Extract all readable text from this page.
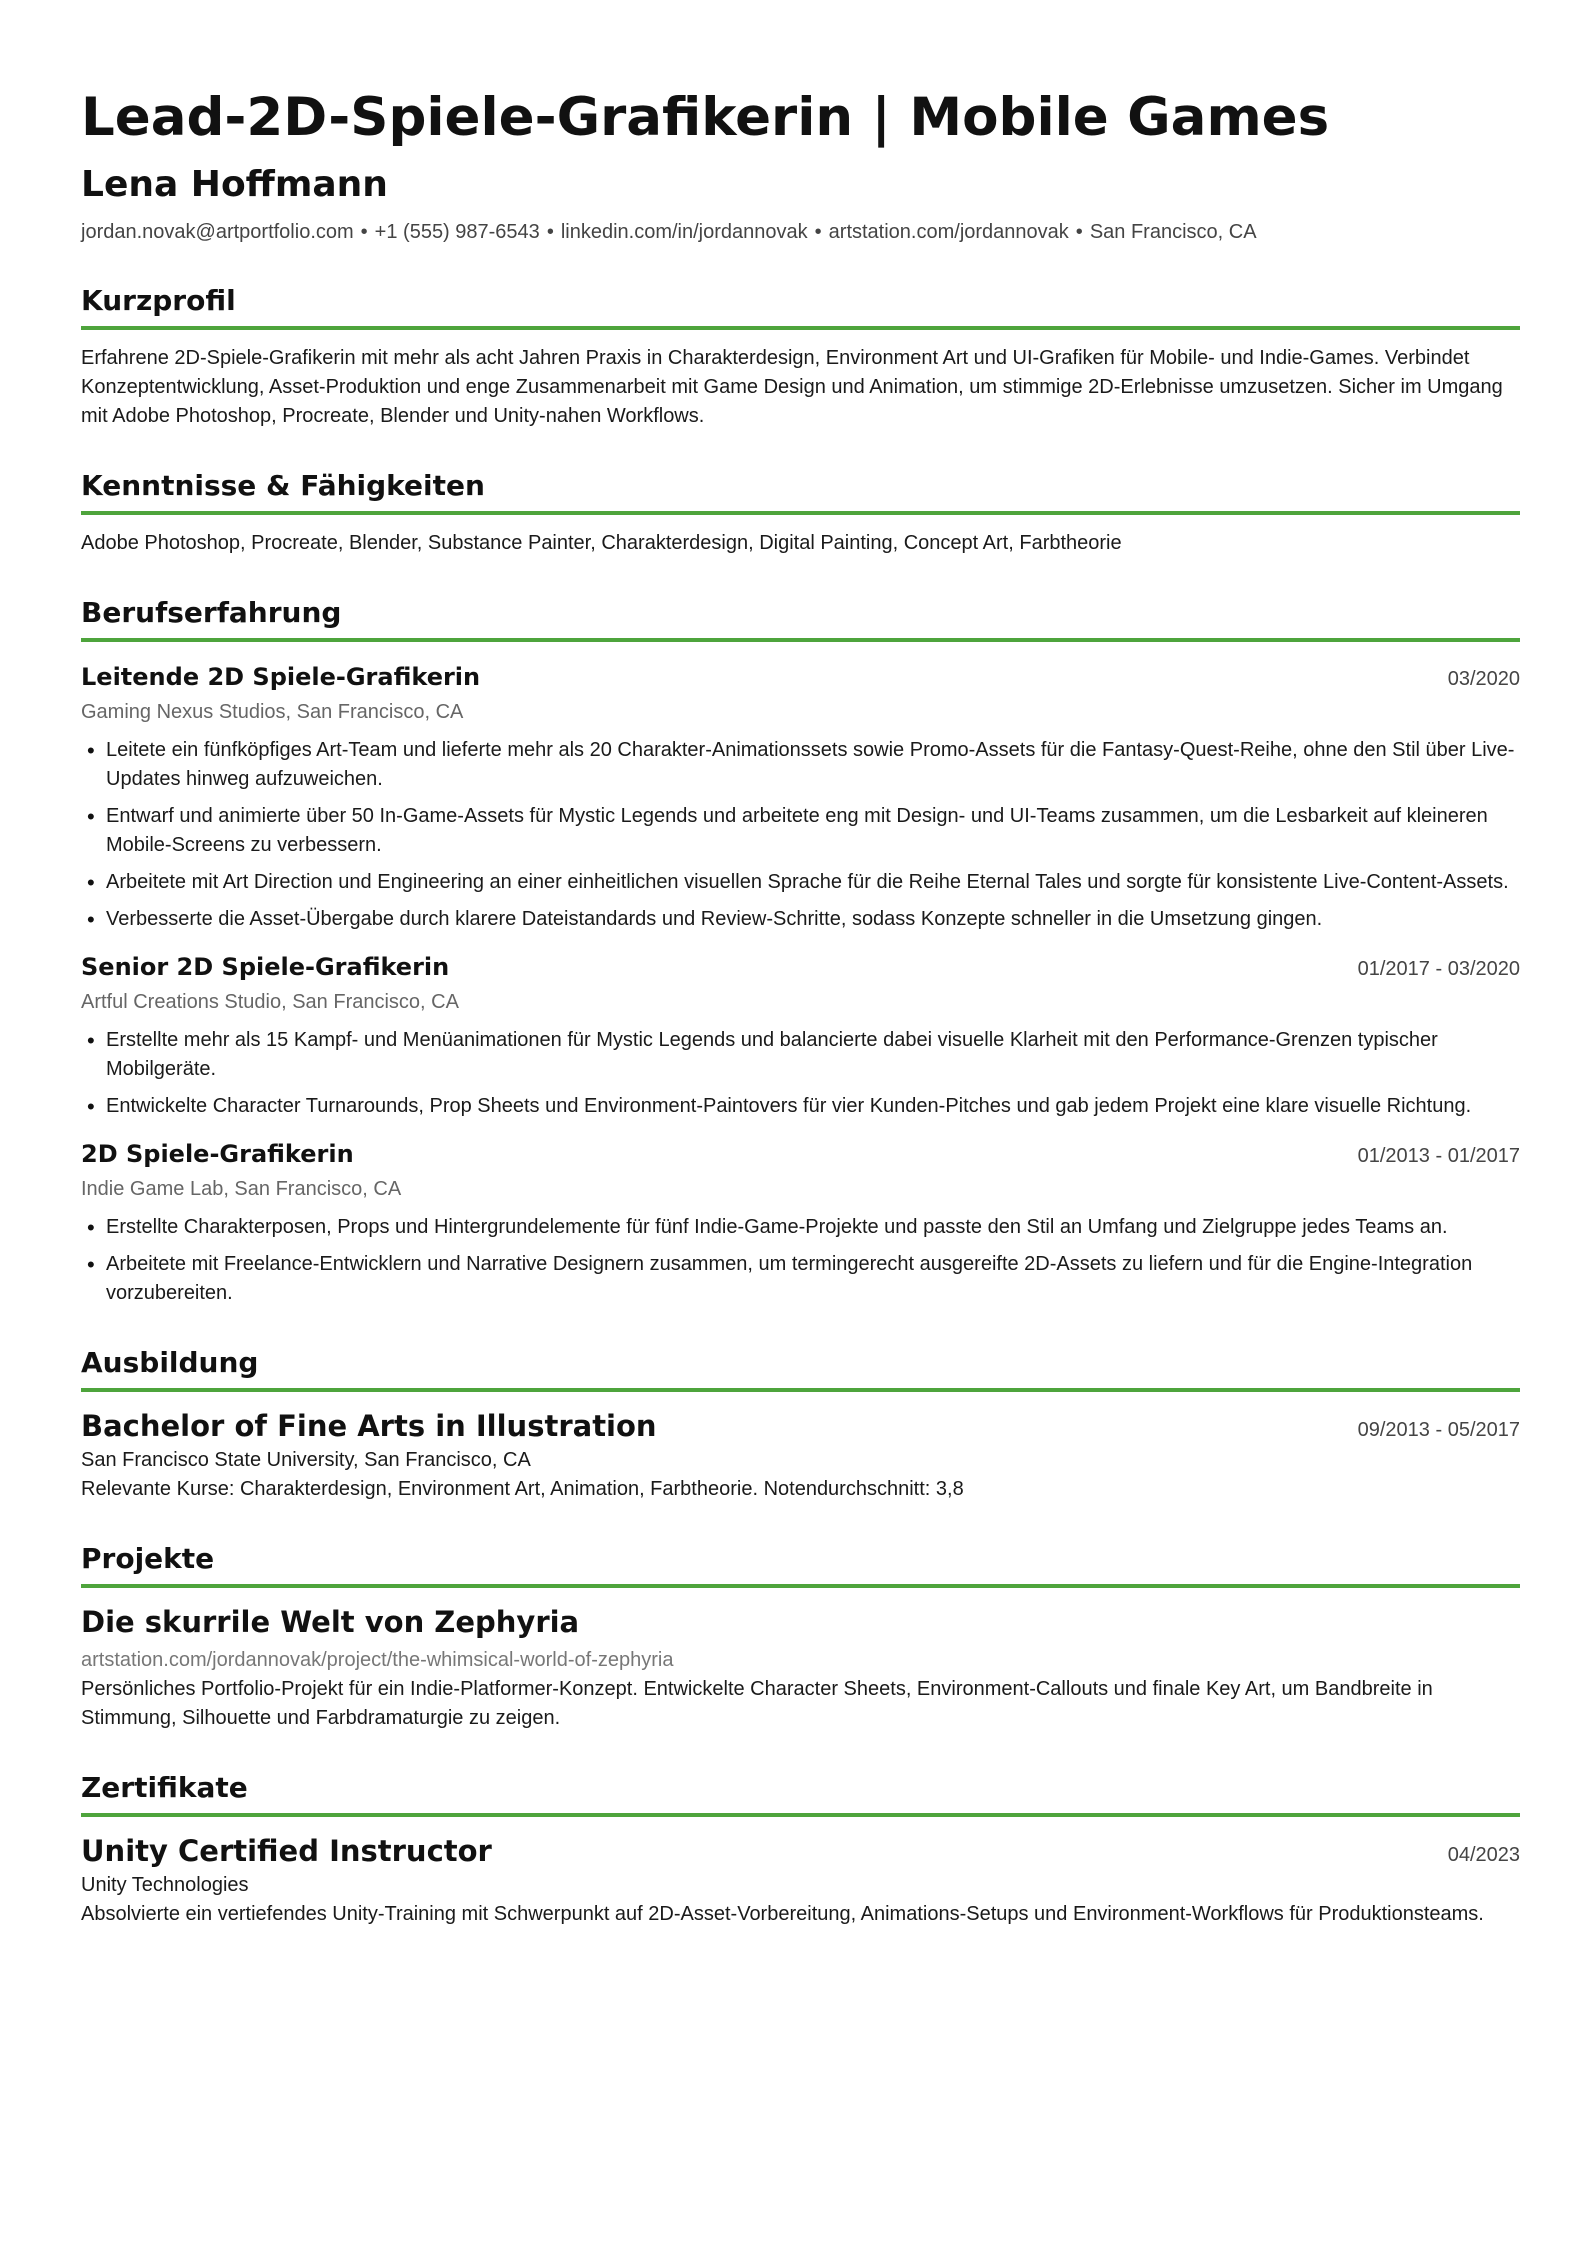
Lead-2D-Spiele-Grafikerin | Mobile Games
Lena Hoffmann
jordan.novak@artportfolio.com • +1 (555) 987-6543 • linkedin.com/in/jordannovak • artstation.com/jordannovak • San Francisco, CA
Kurzprofil

Erfahrene 2D-Spiele-Grafikerin mit mehr als acht Jahren Praxis in Charakterdesign, Environment Art und UI-Grafiken für Mobile- und Indie-Games. Verbindet Konzeptentwicklung, Asset-Produktion und enge Zusammenarbeit mit Game Design und Animation, um stimmige 2D-Erlebnisse umzusetzen. Sicher im Umgang mit Adobe Photoshop, Procreate, Blender und Unity-nahen Workflows.

Kenntnisse & Fähigkeiten

Adobe Photoshop, Procreate, Blender, Substance Painter, Charakterdesign, Digital Painting, Concept Art, Farbtheorie

Berufserfahrung
Leitende 2D Spiele-Grafikerin	03/2020
Gaming Nexus Studios, San Francisco, CA
• Leitete ein fünfköpfiges Art-Team und lieferte mehr als 20 Charakter-Animationssets sowie Promo-Assets für die Fantasy-Quest-Reihe, ohne den Stil über Live-Updates hinweg aufzuweichen.
• Entwarf und animierte über 50 In-Game-Assets für Mystic Legends und arbeitete eng mit Design- und UI-Teams zusammen, um die Lesbarkeit auf kleineren Mobile-Screens zu verbessern.
• Arbeitete mit Art Direction und Engineering an einer einheitlichen visuellen Sprache für die Reihe Eternal Tales und sorgte für konsistente Live-Content-Assets.
• Verbesserte die Asset-Übergabe durch klarere Dateistandards und Review-Schritte, sodass Konzepte schneller in die Umsetzung gingen.
Senior 2D Spiele-Grafikerin	01/2017 - 03/2020
Artful Creations Studio, San Francisco, CA
• Erstellte mehr als 15 Kampf- und Menüanimationen für Mystic Legends und balancierte dabei visuelle Klarheit mit den Performance-Grenzen typischer Mobilgeräte.
• Entwickelte Character Turnarounds, Prop Sheets und Environment-Paintovers für vier Kunden-Pitches und gab jedem Projekt eine klare visuelle Richtung.
2D Spiele-Grafikerin	01/2013 - 01/2017
Indie Game Lab, San Francisco, CA
• Erstellte Charakterposen, Props und Hintergrundelemente für fünf Indie-Game-Projekte und passte den Stil an Umfang und Zielgruppe jedes Teams an.
• Arbeitete mit Freelance-Entwicklern und Narrative Designern zusammen, um termingerecht ausgereifte 2D-Assets zu liefern und für die Engine-Integration vorzubereiten.
Ausbildung
Bachelor of Fine Arts in Illustration	09/2013 - 05/2017
San Francisco State University, San Francisco, CA
Relevante Kurse: Charakterdesign, Environment Art, Animation, Farbtheorie. Notendurchschnitt: 3,8
Projekte
Die skurrile Welt von Zephyria
artstation.com/jordannovak/project/the-whimsical-world-of-zephyria

Persönliches Portfolio-Projekt für ein Indie-Platformer-Konzept. Entwickelte Character Sheets, Environment-Callouts und finale Key Art, um Bandbreite in Stimmung, Silhouette und Farbdramaturgie zu zeigen.

Zertifikate
Unity Certified Instructor	04/2023
Unity Technologies

Absolvierte ein vertiefendes Unity-Training mit Schwerpunkt auf 2D-Asset-Vorbereitung, Animations-Setups und Environment-Workflows für Produktionsteams.
